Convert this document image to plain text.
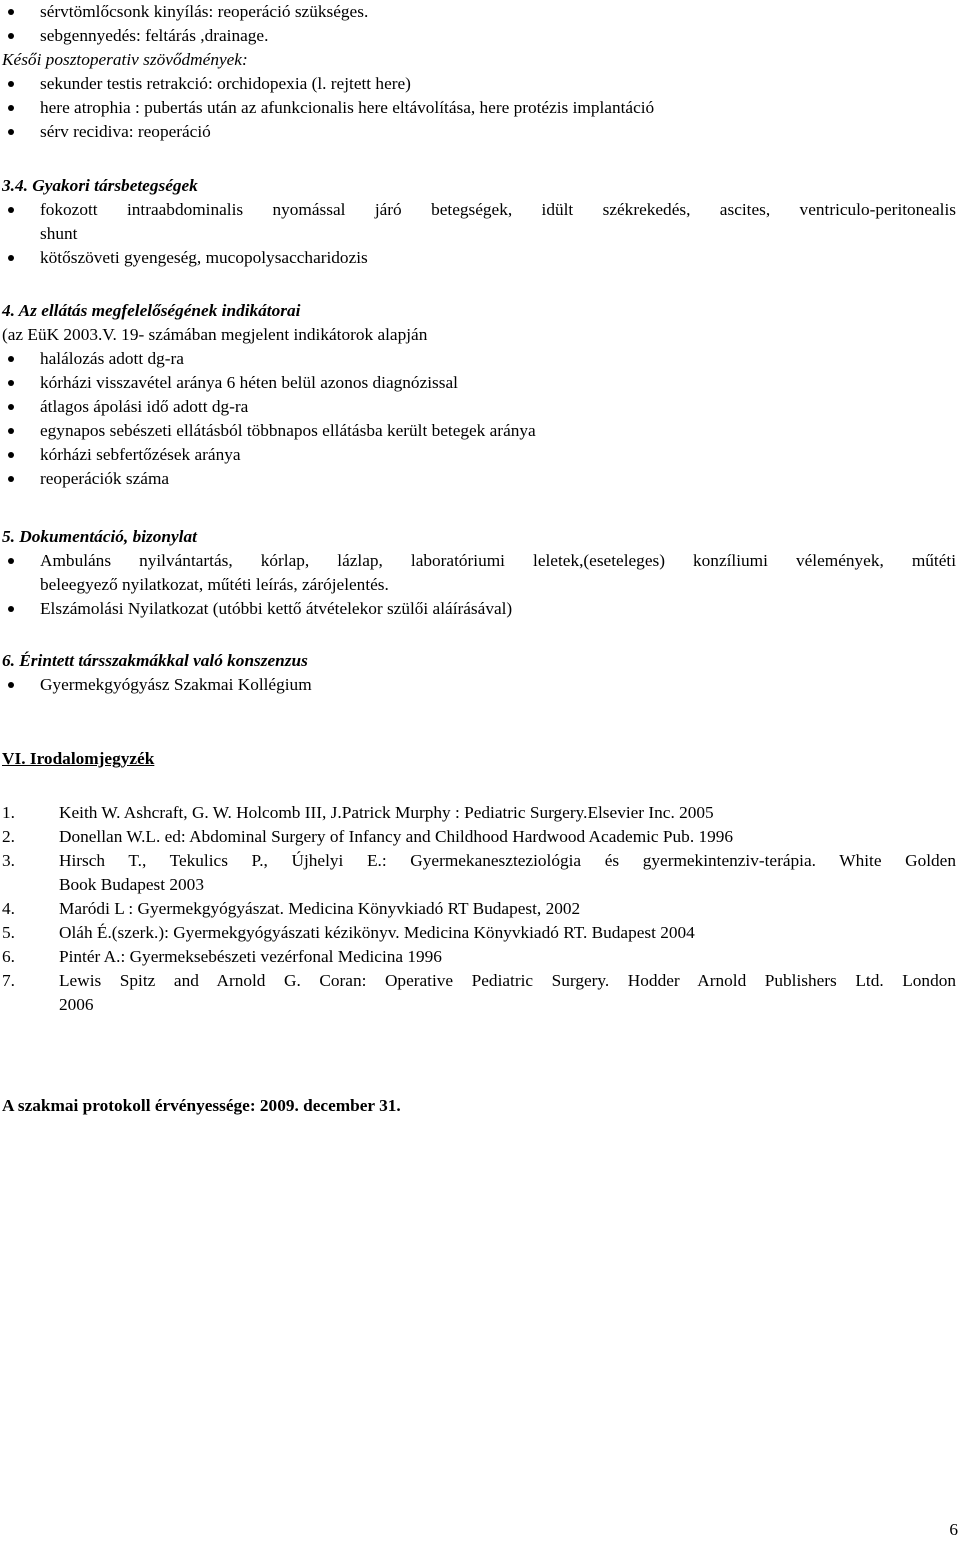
sérvtömlőcsonk kinyílás: reoperáció szükséges.

sebgennyedés: feltárás ,drainage.

Késői posztoperativ szövődmények:

sekunder testis retrakció: orchidopexia (l. rejtett here)

here atrophia : pubertás után az afunkcionalis here eltávolítása, here protézis implantáció

sérv recidiva: reoperáció

3.4. Gyakori társbetegségek

fokozott intraabdominalis nyomással járó betegségek, idült székrekedés, ascites, ventriculo-peritonealis

shunt

kötőszöveti gyengeség, mucopolysaccharidozis

4. Az ellátás megfelelőségének indikátorai

(az EüK 2003.V. 19- számában megjelent indikátorok alapján

halálozás adott dg-ra

kórházi visszavétel aránya 6 héten belül azonos diagnózissal

átlagos ápolási idő adott dg-ra

egynapos sebészeti ellátásból többnapos ellátásba került betegek aránya

kórházi sebfertőzések aránya

reoperációk száma

5. Dokumentáció, bizonylat

Ambuláns nyilvántartás, kórlap, lázlap, laboratóriumi leletek,(eseteleges) konzíliumi vélemények, műtéti

beleegyező nyilatkozat, műtéti leírás, zárójelentés.

Elszámolási Nyilatkozat (utóbbi kettő átvételekor szülői aláírásával)

6. Érintett társszakmákkal való konszenzus

Gyermekgyógyász Szakmai Kollégium

VI. Irodalomjegyzék

1.	Keith W. Ashcraft, G. W. Holcomb III, J.Patrick Murphy : Pediatric Surgery.Elsevier Inc. 2005

2.	Donellan W.L. ed: Abdominal Surgery of Infancy and Childhood Hardwood Academic Pub. 1996

3.	Hirsch T., Tekulics P., Újhelyi E.: Gyermekaneszteziológia és gyermekintenziv-terápia. White Golden

Book Budapest 2003

4.	Maródi L : Gyermekgyógyászat. Medicina Könyvkiadó RT Budapest, 2002

5.	Oláh É.(szerk.): Gyermekgyógyászati kézikönyv. Medicina Könyvkiadó RT. Budapest 2004

6.	Pintér A.: Gyermeksebészeti vezérfonal Medicina 1996

7.	Lewis Spitz and Arnold G. Coran: Operative Pediatric Surgery. Hodder Arnold Publishers Ltd. London

2006

A szakmai protokoll érvényessége: 2009. december 31.

6
